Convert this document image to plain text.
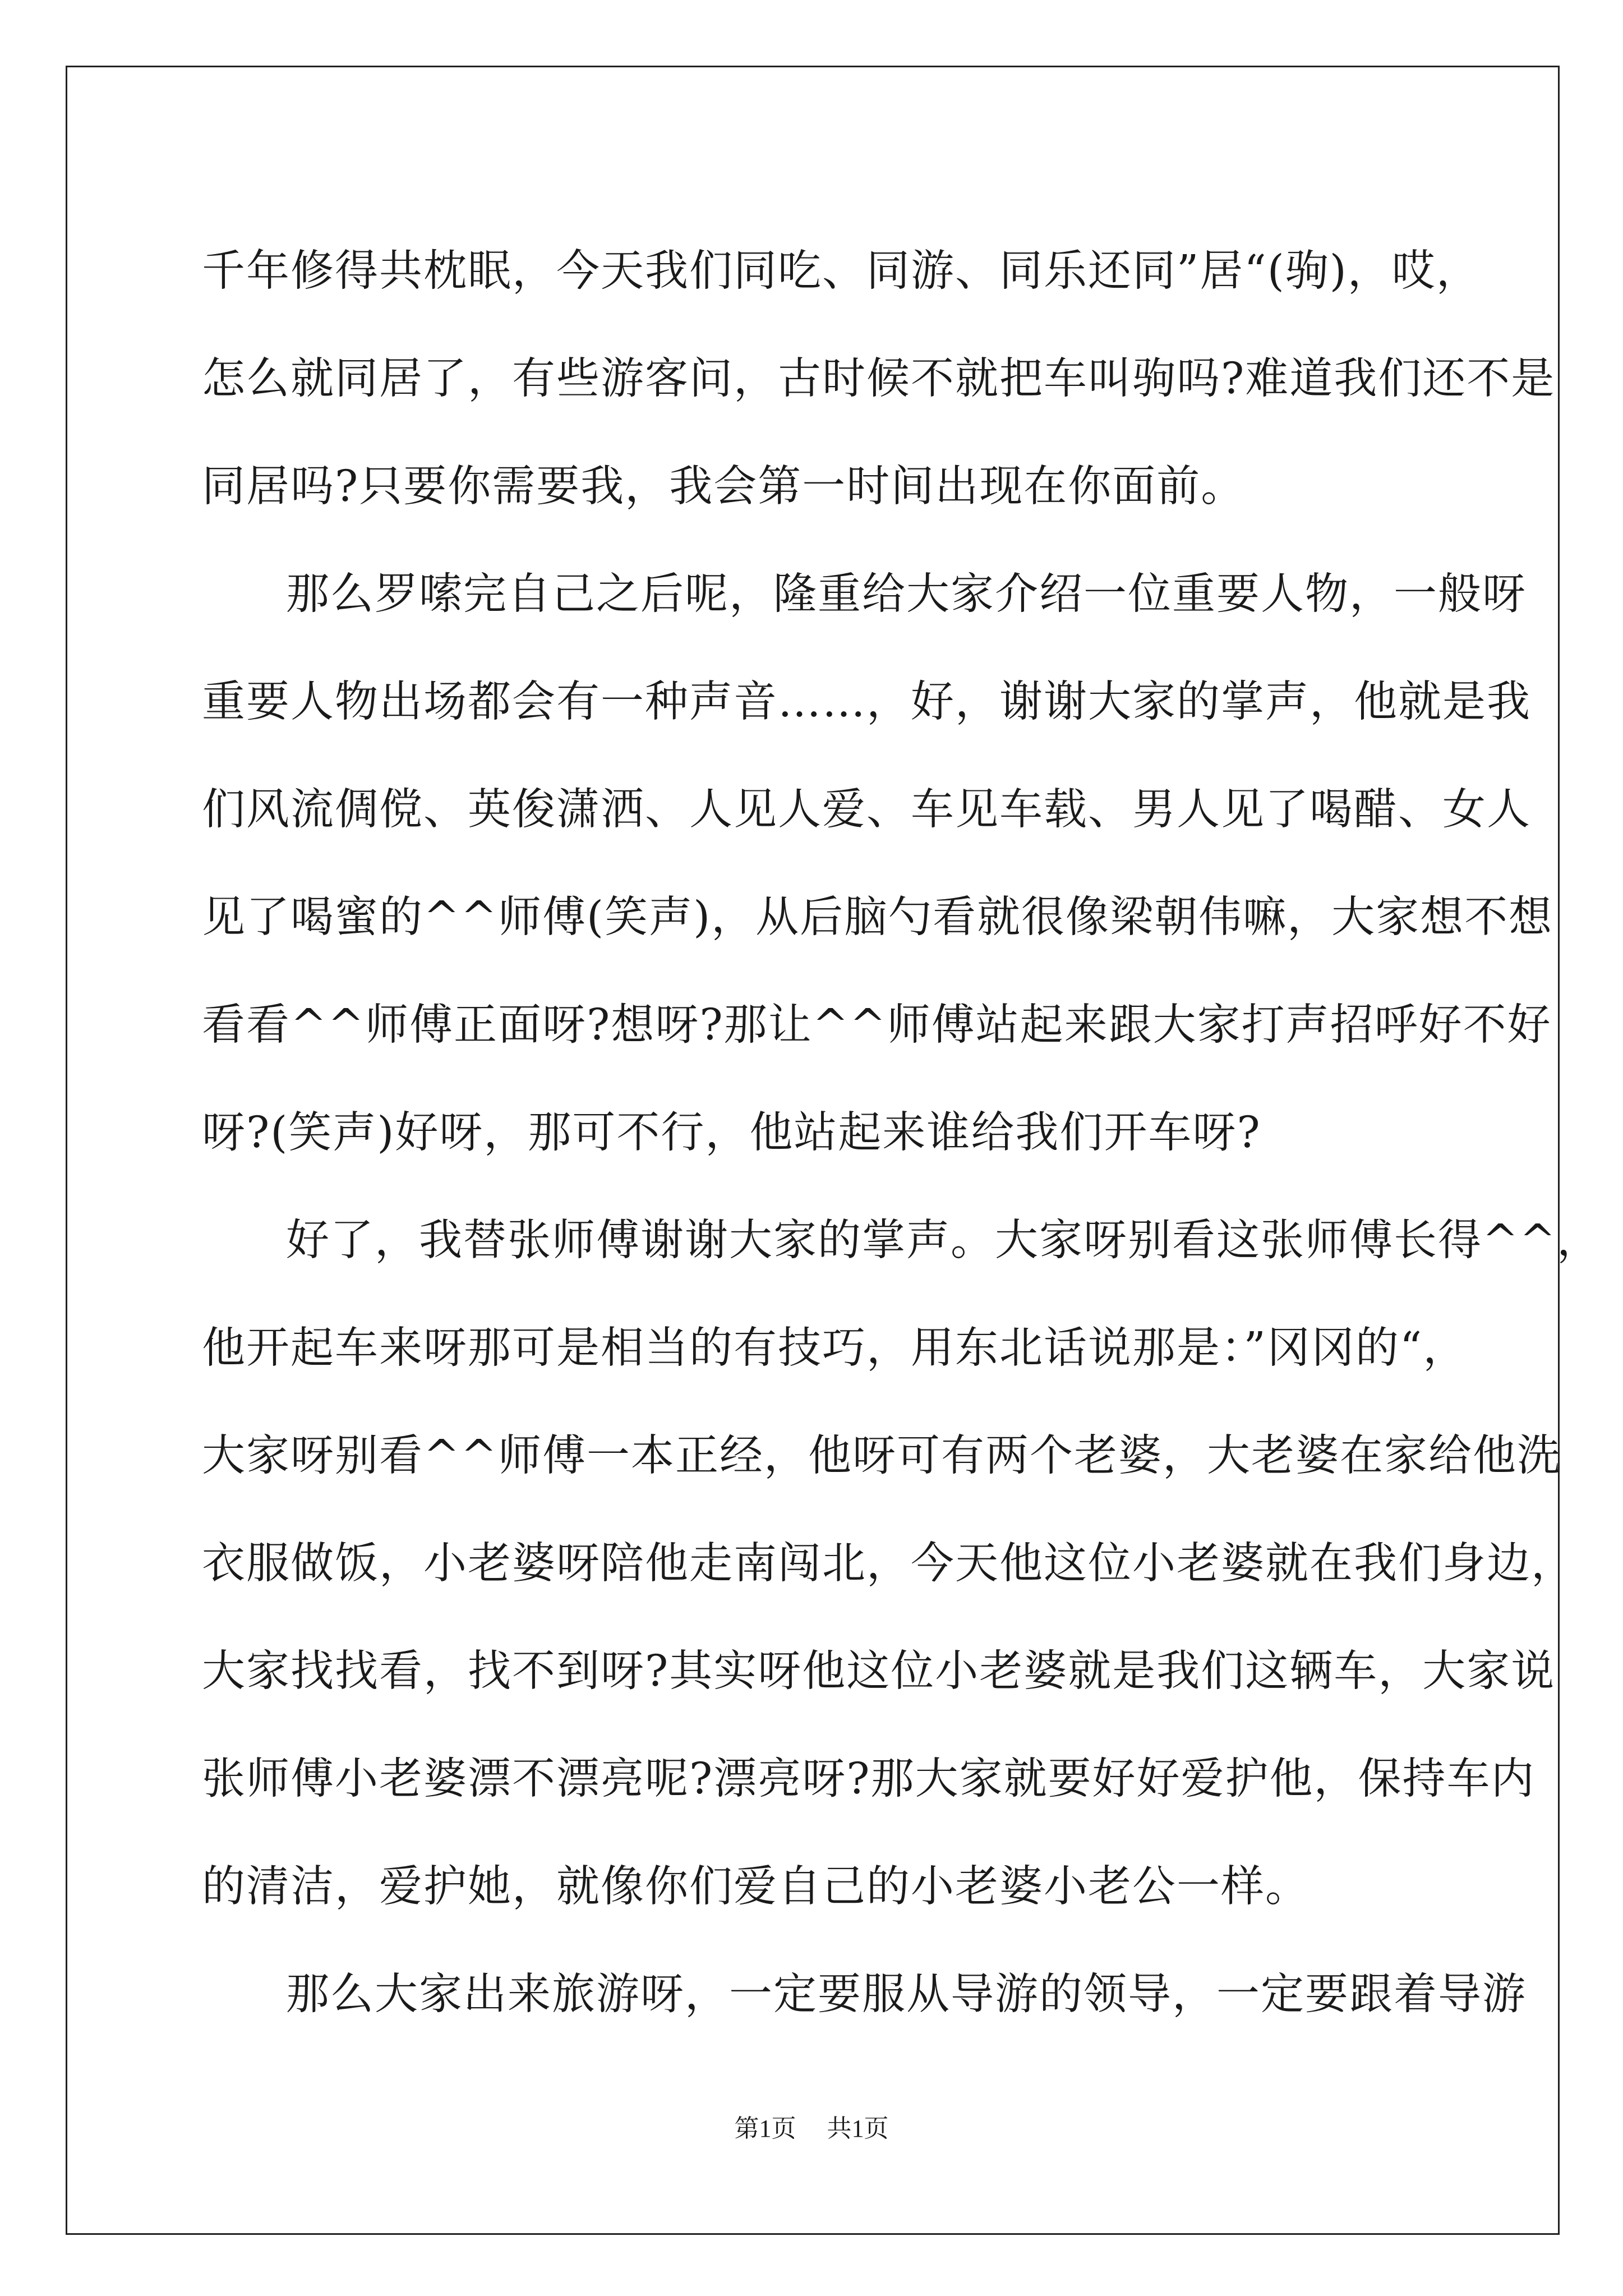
千年修得共枕眠，今天我们同吃、同游、同乐还同”居“(驹)，哎，
怎么就同居了，有些游客问，古时候不就把车叫驹吗?难道我们还不是
同居吗?只要你需要我，我会第一时间出现在你面前。
那么罗嗦完自己之后呢，隆重给大家介绍一位重要人物，一般呀
重要人物出场都会有一种声音……，好，谢谢大家的掌声，他就是我
们风流倜傥、英俊潇洒、人见人爱、车见车载、男人见了喝醋、女人
见了喝蜜的^^师傅(笑声)，从后脑勺看就很像梁朝伟嘛，大家想不想
看看^^师傅正面呀?想呀?那让^^师傅站起来跟大家打声招呼好不好
呀?(笑声)好呀，那可不行，他站起来谁给我们开车呀?
好了，我替张师傅谢谢大家的掌声。大家呀别看这张师傅长得^^，
他开起车来呀那可是相当的有技巧，用东北话说那是：”冈冈的“，
大家呀别看^^师傅一本正经，他呀可有两个老婆，大老婆在家给他洗
衣服做饭，小老婆呀陪他走南闯北，今天他这位小老婆就在我们身边，
大家找找看，找不到呀?其实呀他这位小老婆就是我们这辆车，大家说
张师傅小老婆漂不漂亮呢?漂亮呀?那大家就要好好爱护他，保持车内
的清洁，爱护她，就像你们爱自己的小老婆小老公一样。
那么大家出来旅游呀，一定要服从导游的领导，一定要跟着导游
第1页 共1页
